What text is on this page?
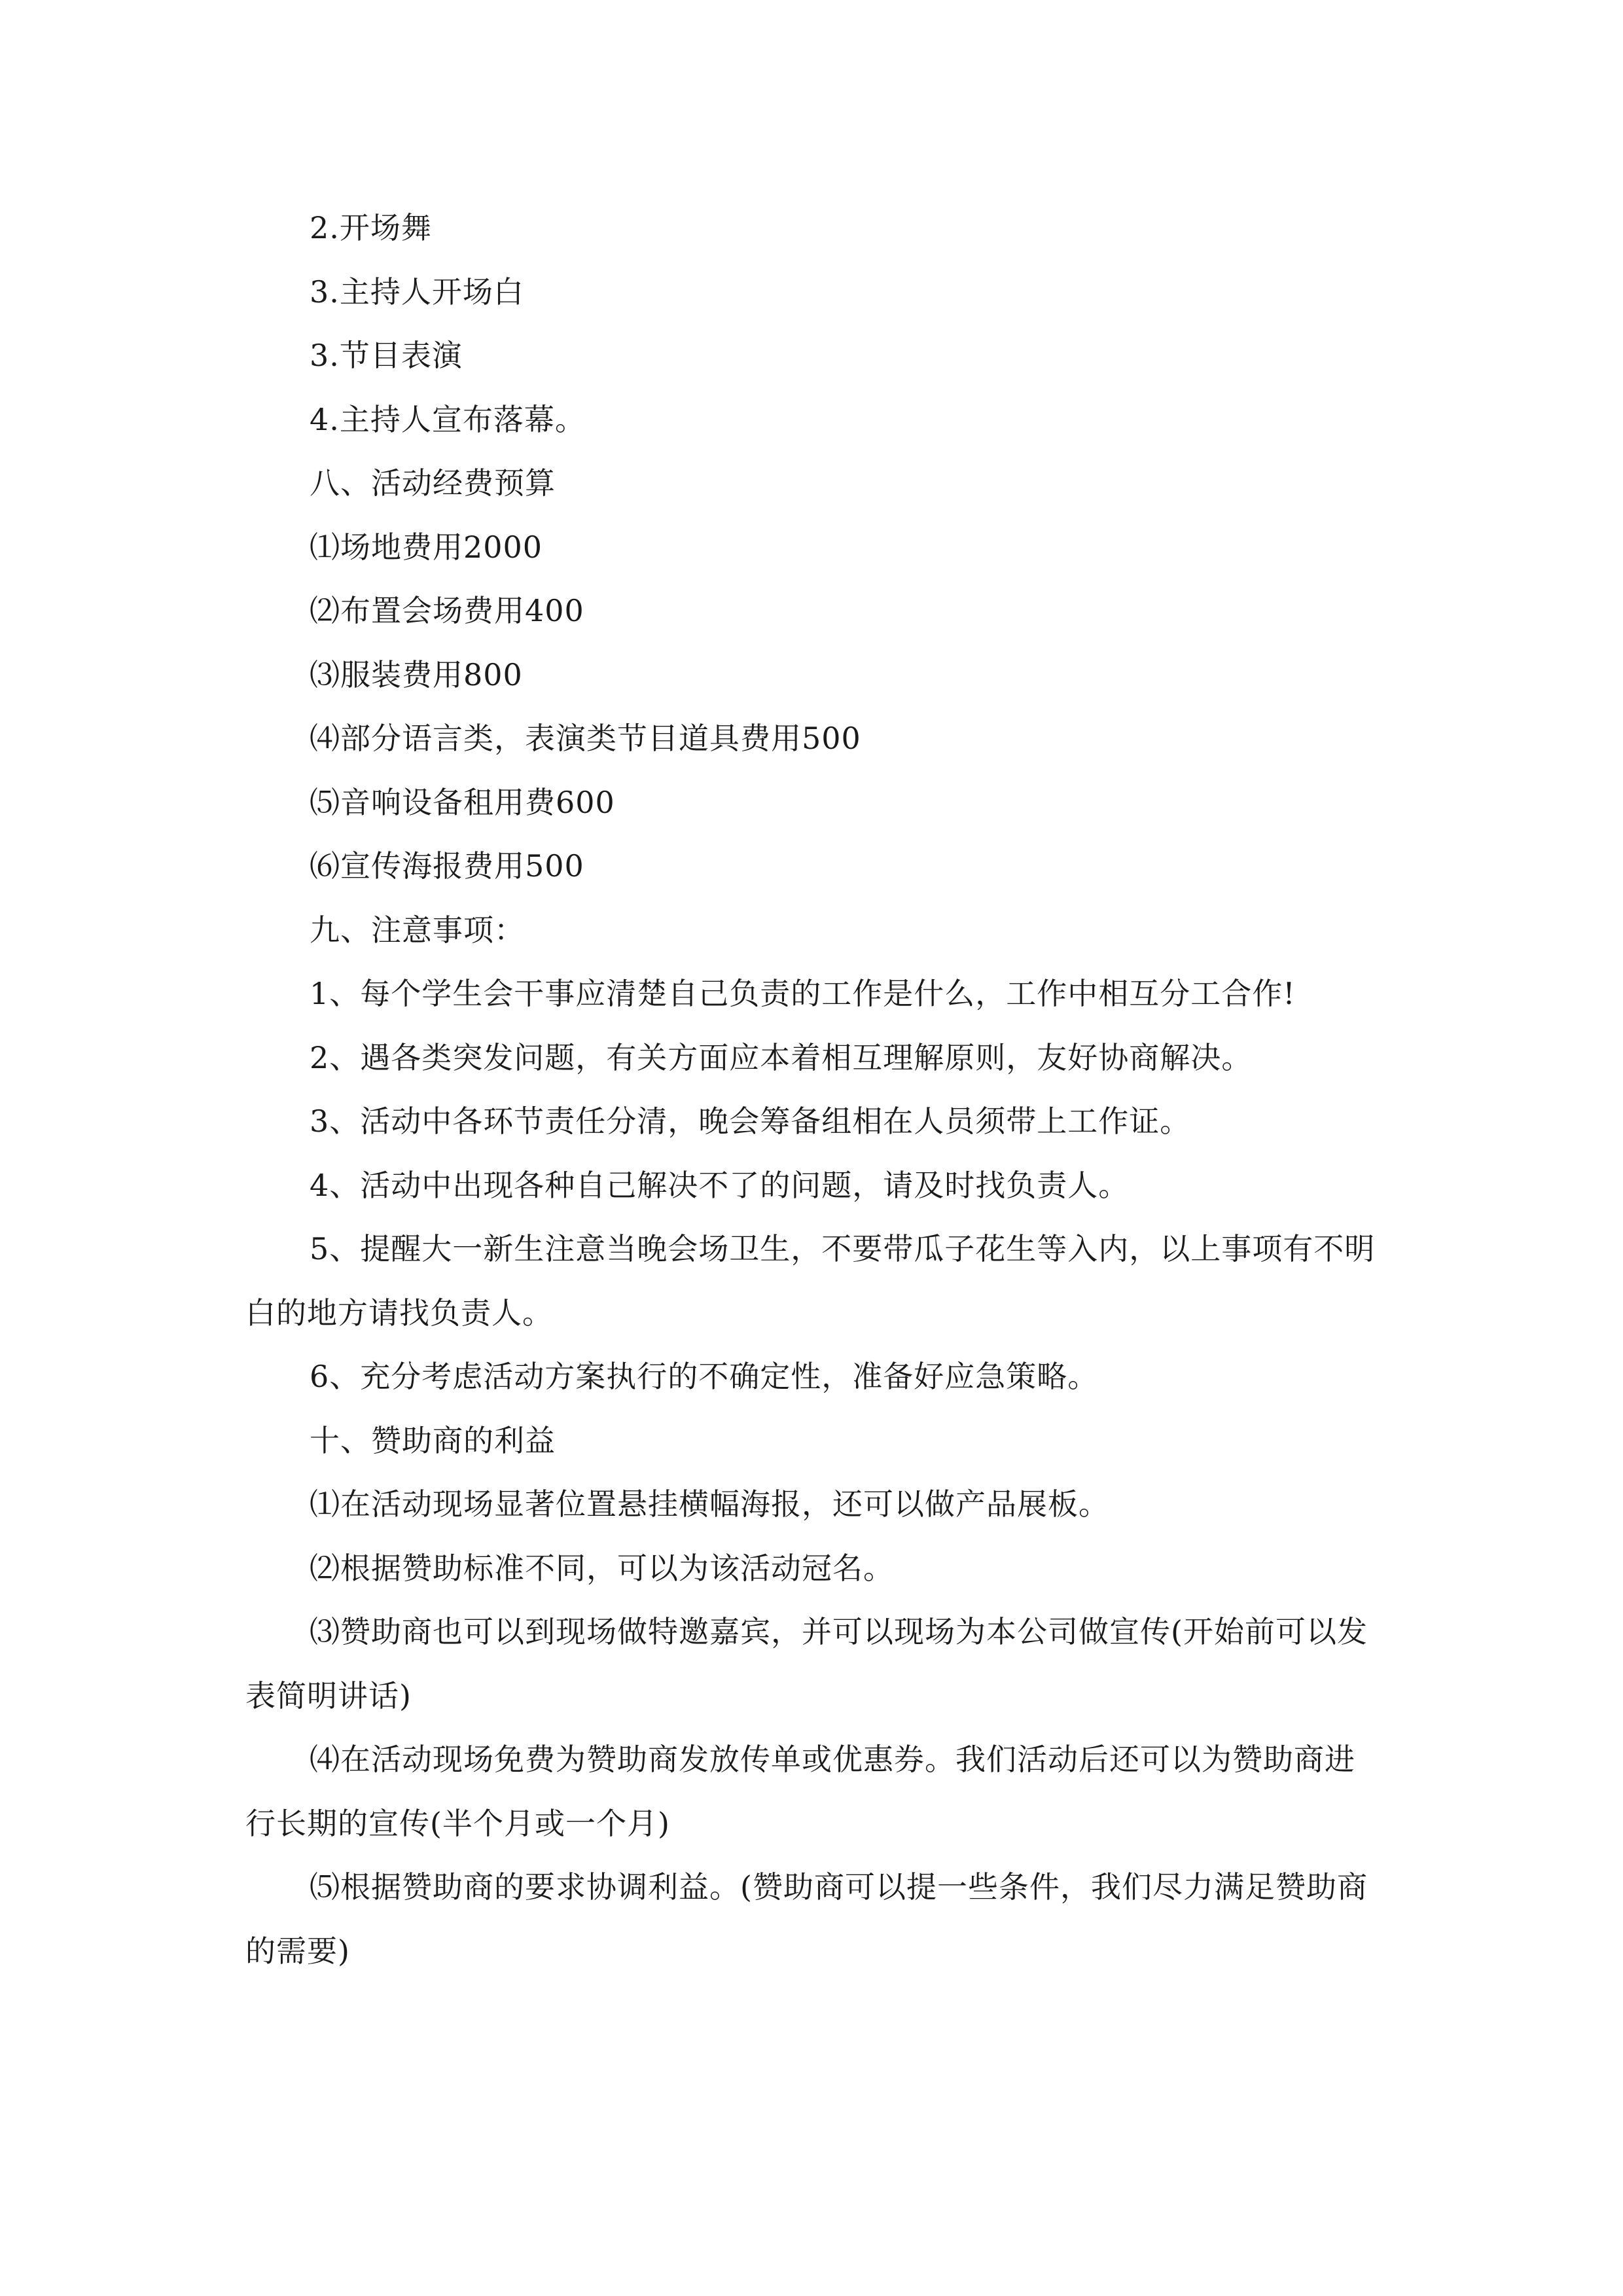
2.开场舞
3.主持人开场白
3.节目表演
4.主持人宣布落幕。
八、活动经费预算
⑴场地费用2000
⑵布置会场费用400
⑶服装费用800
⑷部分语言类，表演类节目道具费用500
⑸音响设备租用费600
⑹宣传海报费用500
九、注意事项：
1、每个学生会干事应清楚自己负责的工作是什么，工作中相互分工合作!
2、遇各类突发问题，有关方面应本着相互理解原则，友好协商解决。
3、活动中各环节责任分清，晚会筹备组相在人员须带上工作证。
4、活动中出现各种自己解决不了的问题，请及时找负责人。
5、提醒大一新生注意当晚会场卫生，不要带瓜子花生等入内，以上事项有不明白的地方请找负责人。
6、充分考虑活动方案执行的不确定性，准备好应急策略。
十、赞助商的利益
⑴在活动现场显著位置悬挂横幅海报，还可以做产品展板。
⑵根据赞助标准不同，可以为该活动冠名。
⑶赞助商也可以到现场做特邀嘉宾，并可以现场为本公司做宣传(开始前可以发表简明讲话)
⑷在活动现场免费为赞助商发放传单或优惠券。我们活动后还可以为赞助商进行长期的宣传(半个月或一个月)
⑸根据赞助商的要求协调利益。(赞助商可以提一些条件，我们尽力满足赞助商的需要)
